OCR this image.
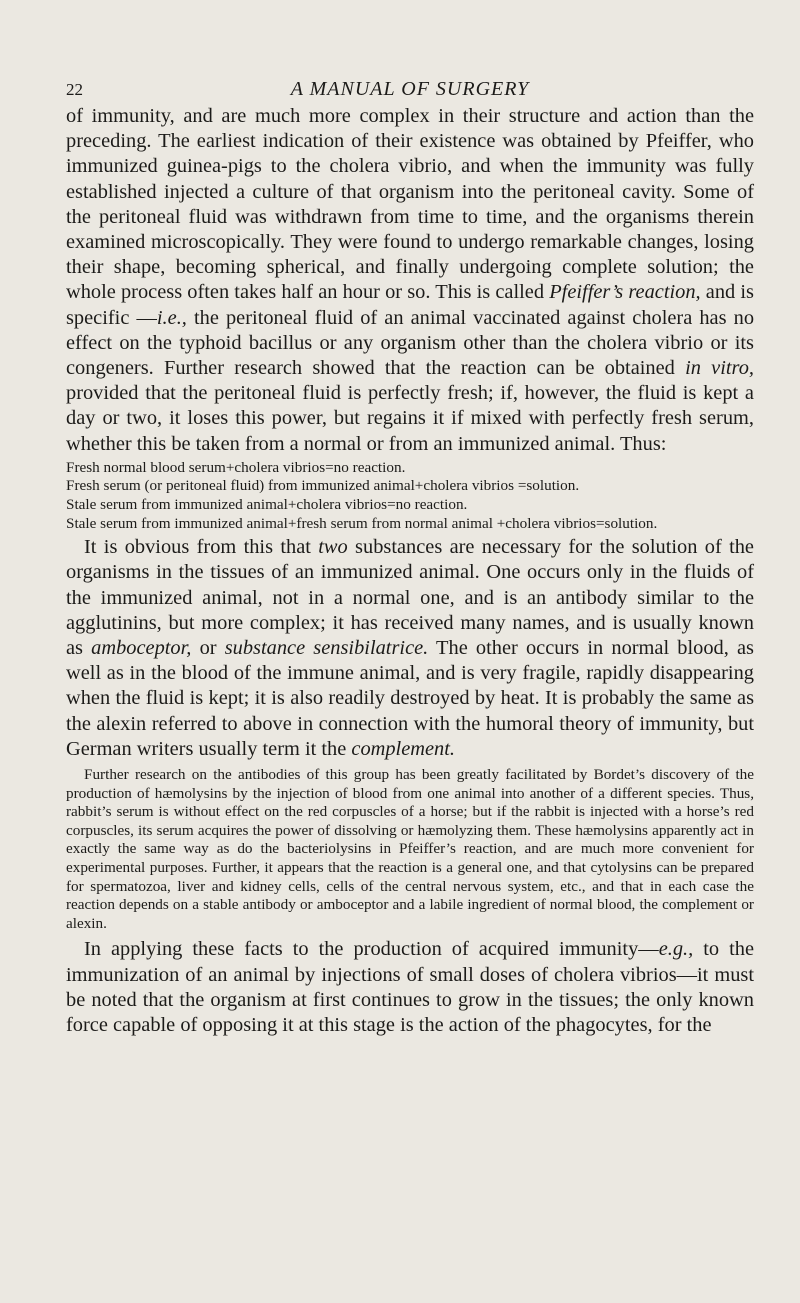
22	A MANUAL OF SURGERY

of immunity, and are much more complex in their structure and action than the preceding. The earliest indication of their existence was obtained by Pfeiffer, who immunized guinea-pigs to the cholera vibrio, and when the immunity was fully established injected a culture of that organism into the peritoneal cavity. Some of the peritoneal fluid was withdrawn from time to time, and the organisms therein examined microscopically. They were found to undergo remarkable changes, losing their shape, becoming spherical, and finally undergoing complete solution; the whole process often takes half an hour or so. This is called Pfeiffer’s reaction, and is specific —i.e., the peritoneal fluid of an animal vaccinated against cholera has no effect on the typhoid bacillus or any organism other than the cholera vibrio or its congeners. Further research showed that the reaction can be obtained in vitro, provided that the peritoneal fluid is perfectly fresh; if, however, the fluid is kept a day or two, it loses this power, but regains it if mixed with perfectly fresh serum, whether this be taken from a normal or from an immunized animal. Thus:

Fresh normal blood serum+cholera vibrios=no reaction.

Fresh serum (or peritoneal fluid) from immunized animal+cholera vibrios =solution.

Stale serum from immunized animal+cholera vibrios=no reaction.

Stale serum from immunized animal+fresh serum from normal animal +cholera vibrios=solution.

It is obvious from this that two substances are necessary for the solution of the organisms in the tissues of an immunized animal. One occurs only in the fluids of the immunized animal, not in a normal one, and is an antibody similar to the agglutinins, but more complex; it has received many names, and is usually known as amboceptor, or substance sensibilatrice. The other occurs in normal blood, as well as in the blood of the immune animal, and is very fragile, rapidly disappearing when the fluid is kept; it is also readily destroyed by heat. It is probably the same as the alexin referred to above in connection with the humoral theory of immunity, but German writers usually term it the complement.

Further research on the antibodies of this group has been greatly facilitated by Bordet’s discovery of the production of hæmolysins by the injection of blood from one animal into another of a different species. Thus, rabbit’s serum is without effect on the red corpuscles of a horse; but if the rabbit is injected with a horse’s red corpuscles, its serum acquires the power of dissolving or hæmolyzing them. These hæmolysins apparently act in exactly the same way as do the bacteriolysins in Pfeiffer’s reaction, and are much more convenient for experimental purposes. Further, it appears that the reaction is a general one, and that cytolysins can be prepared for spermatozoa, liver and kidney cells, cells of the central nervous system, etc., and that in each case the reaction depends on a stable antibody or amboceptor and a labile ingredient of normal blood, the complement or alexin.

In applying these facts to the production of acquired immunity—e.g., to the immunization of an animal by injections of small doses of cholera vibrios—it must be noted that the organism at first continues to grow in the tissues; the only known force capable of opposing it at this stage is the action of the phagocytes, for the
